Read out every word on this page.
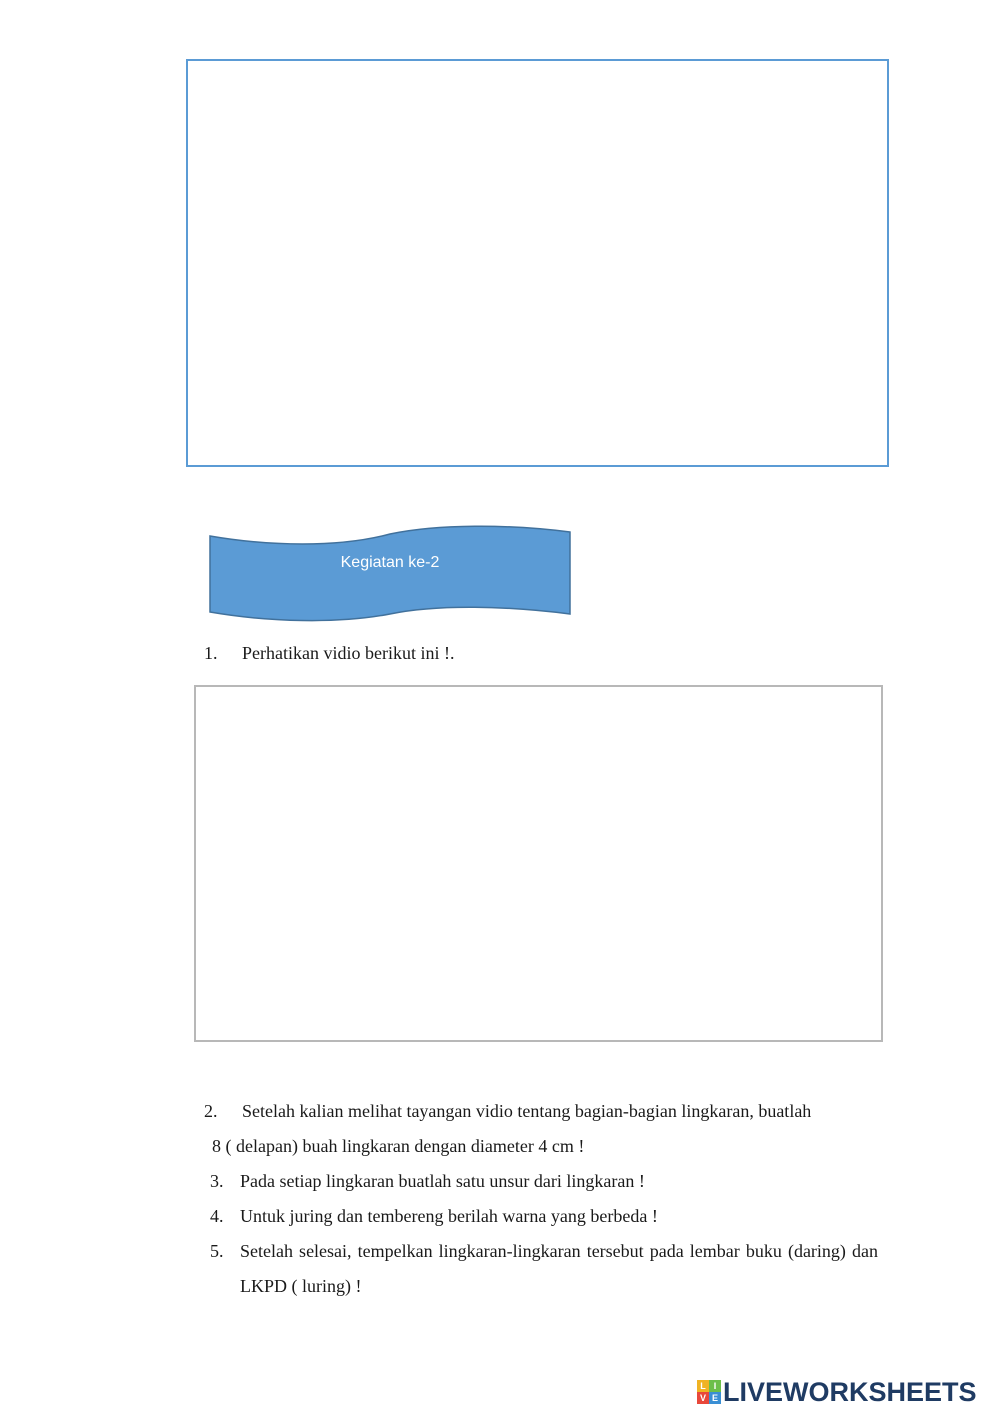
Kegiatan ke-2
1. Perhatikan vidio berikut ini !.
2. Setelah kalian melihat tayangan vidio tentang bagian-bagian lingkaran, buatlah
8 ( delapan) buah lingkaran dengan diameter 4 cm !
3. Pada setiap lingkaran buatlah satu unsur dari lingkaran !
4. Untuk juring dan tembereng berilah warna yang berbeda !
5. Setelah selesai, tempelkan lingkaran-lingkaran tersebut pada lembar buku (daring) dan LKPD ( luring) !
L I
V E LIVEWORKSHEETS
